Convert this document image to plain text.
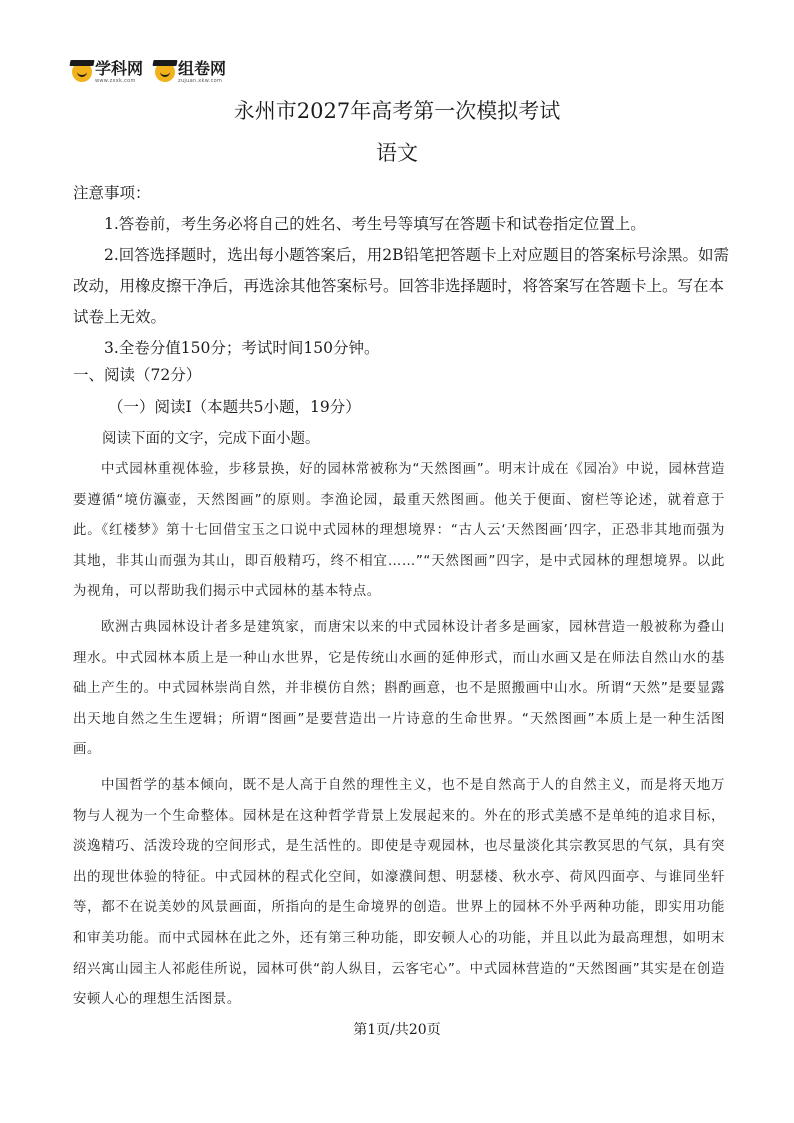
学科网
www.zxxk.com
组卷网
zujuan.xkw.com
永州市2027年高考第一次模拟考试
语文

注意事项：

1.答卷前，考生务必将自己的姓名、考生号等填写在答题卡和试卷指定位置上。

2.回答选择题时，选出每小题答案后，用2B铅笔把答题卡上对应题目的答案标号涂黑。如需改动，用橡皮擦干净后，再选涂其他答案标号。回答非选择题时，将答案写在答题卡上。写在本试卷上无效。

3.全卷分值150分；考试时间150分钟。

一、阅读（72分）
（一）阅读Ⅰ（本题共5小题，19分）
阅读下面的文字，完成下面小题。

中式园林重视体验，步移景换，好的园林常被称为“天然图画”。明末计成在《园冶》中说，园林营造要遵循“境仿瀛壶，天然图画”的原则。李渔论园，最重天然图画。他关于便面、窗栏等论述，就着意于此。《红楼梦》第十七回借宝玉之口说中式园林的理想境界：“古人云‘天然图画’四字，正恐非其地而强为其地，非其山而强为其山，即百般精巧，终不相宜……”“天然图画”四字，是中式园林的理想境界。以此为视角，可以帮助我们揭示中式园林的基本特点。

欧洲古典园林设计者多是建筑家，而唐宋以来的中式园林设计者多是画家，园林营造一般被称为叠山理水。中式园林本质上是一种山水世界，它是传统山水画的延伸形式，而山水画又是在师法自然山水的基础上产生的。中式园林崇尚自然，并非模仿自然；斟酌画意，也不是照搬画中山水。所谓“天然”是要显露出天地自然之生生逻辑；所谓“图画”是要营造出一片诗意的生命世界。“天然图画”本质上是一种生活图画。

中国哲学的基本倾向，既不是人高于自然的理性主义，也不是自然高于人的自然主义，而是将天地万物与人视为一个生命整体。园林是在这种哲学背景上发展起来的。外在的形式美感不是单纯的追求目标，淡逸精巧、活泼玲珑的空间形式，是生活性的。即使是寺观园林，也尽量淡化其宗教冥思的气氛，具有突出的现世体验的特征。中式园林的程式化空间，如濠濮间想、明瑟楼、秋水亭、荷风四面亭、与谁同坐轩等，都不在说美妙的风景画面，所指向的是生命境界的创造。世界上的园林不外乎两种功能，即实用功能和审美功能。而中式园林在此之外，还有第三种功能，即安顿人心的功能，并且以此为最高理想，如明末绍兴寓山园主人祁彪佳所说，园林可供“韵人纵目，云客宅心”。中式园林营造的“天然图画”其实是在创造安顿人心的理想生活图景。

第1页/共20页
